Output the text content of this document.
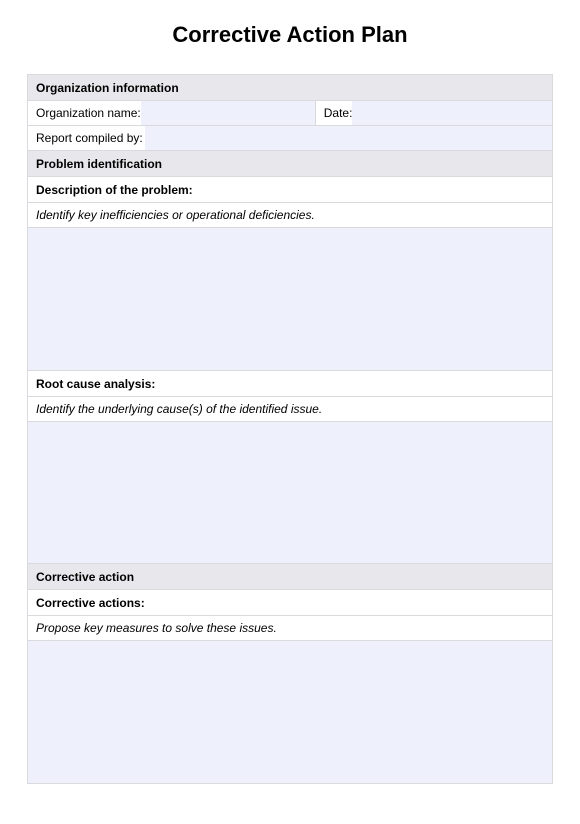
Corrective Action Plan
Organization information
Organization name:	Date:
Report compiled by:
Problem identification
Description of the problem:
Identify key inefficiencies or operational deficiencies.
Root cause analysis:
Identify the underlying cause(s) of the identified issue.
Corrective action
Corrective actions:
Propose key measures to solve these issues.
